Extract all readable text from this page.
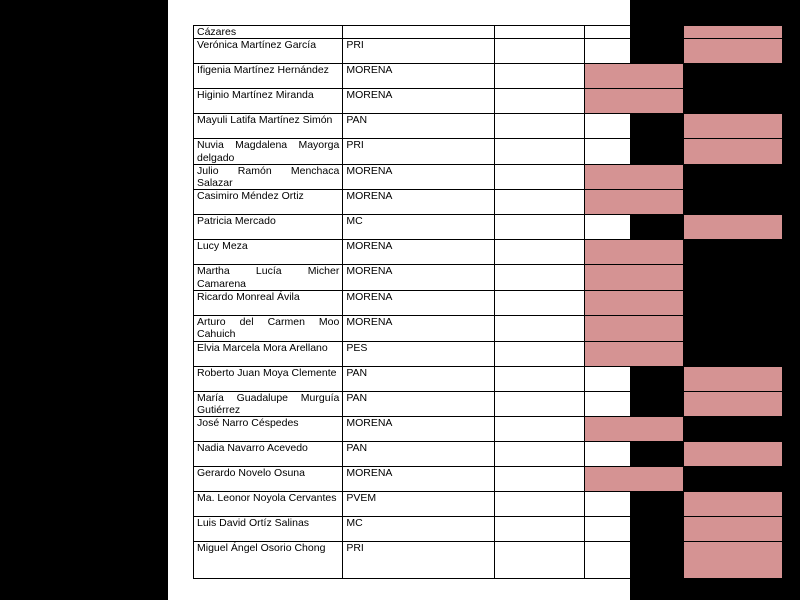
Cázares				
Verónica Martínez García	PRI			
Ifigenia Martínez Hernández	MORENA			
Higinio Martínez Miranda	MORENA			
Mayuli Latifa Martínez Simón	PAN			
Nuvia Magdalena Mayorga delgado	PRI			
Julio Ramón Menchaca Salazar	MORENA			
Casimiro Méndez Ortiz	MORENA			
Patricia Mercado	MC			
Lucy Meza	MORENA			
Martha Lucía Micher Camarena	MORENA			
Ricardo Monreal Ávila	MORENA			
Arturo del Carmen Moo Cahuich	MORENA			
Elvia Marcela Mora Arellano	PES			
Roberto Juan Moya Clemente	PAN			
María Guadalupe Murguía Gutiérrez	PAN			
José Narro Céspedes	MORENA			
Nadia Navarro Acevedo	PAN			
Gerardo Novelo Osuna	MORENA			
Ma. Leonor Noyola Cervantes	PVEM			
Luis David Ortíz Salinas	MC			
Miguel Ángel Osorio Chong	PRI			
